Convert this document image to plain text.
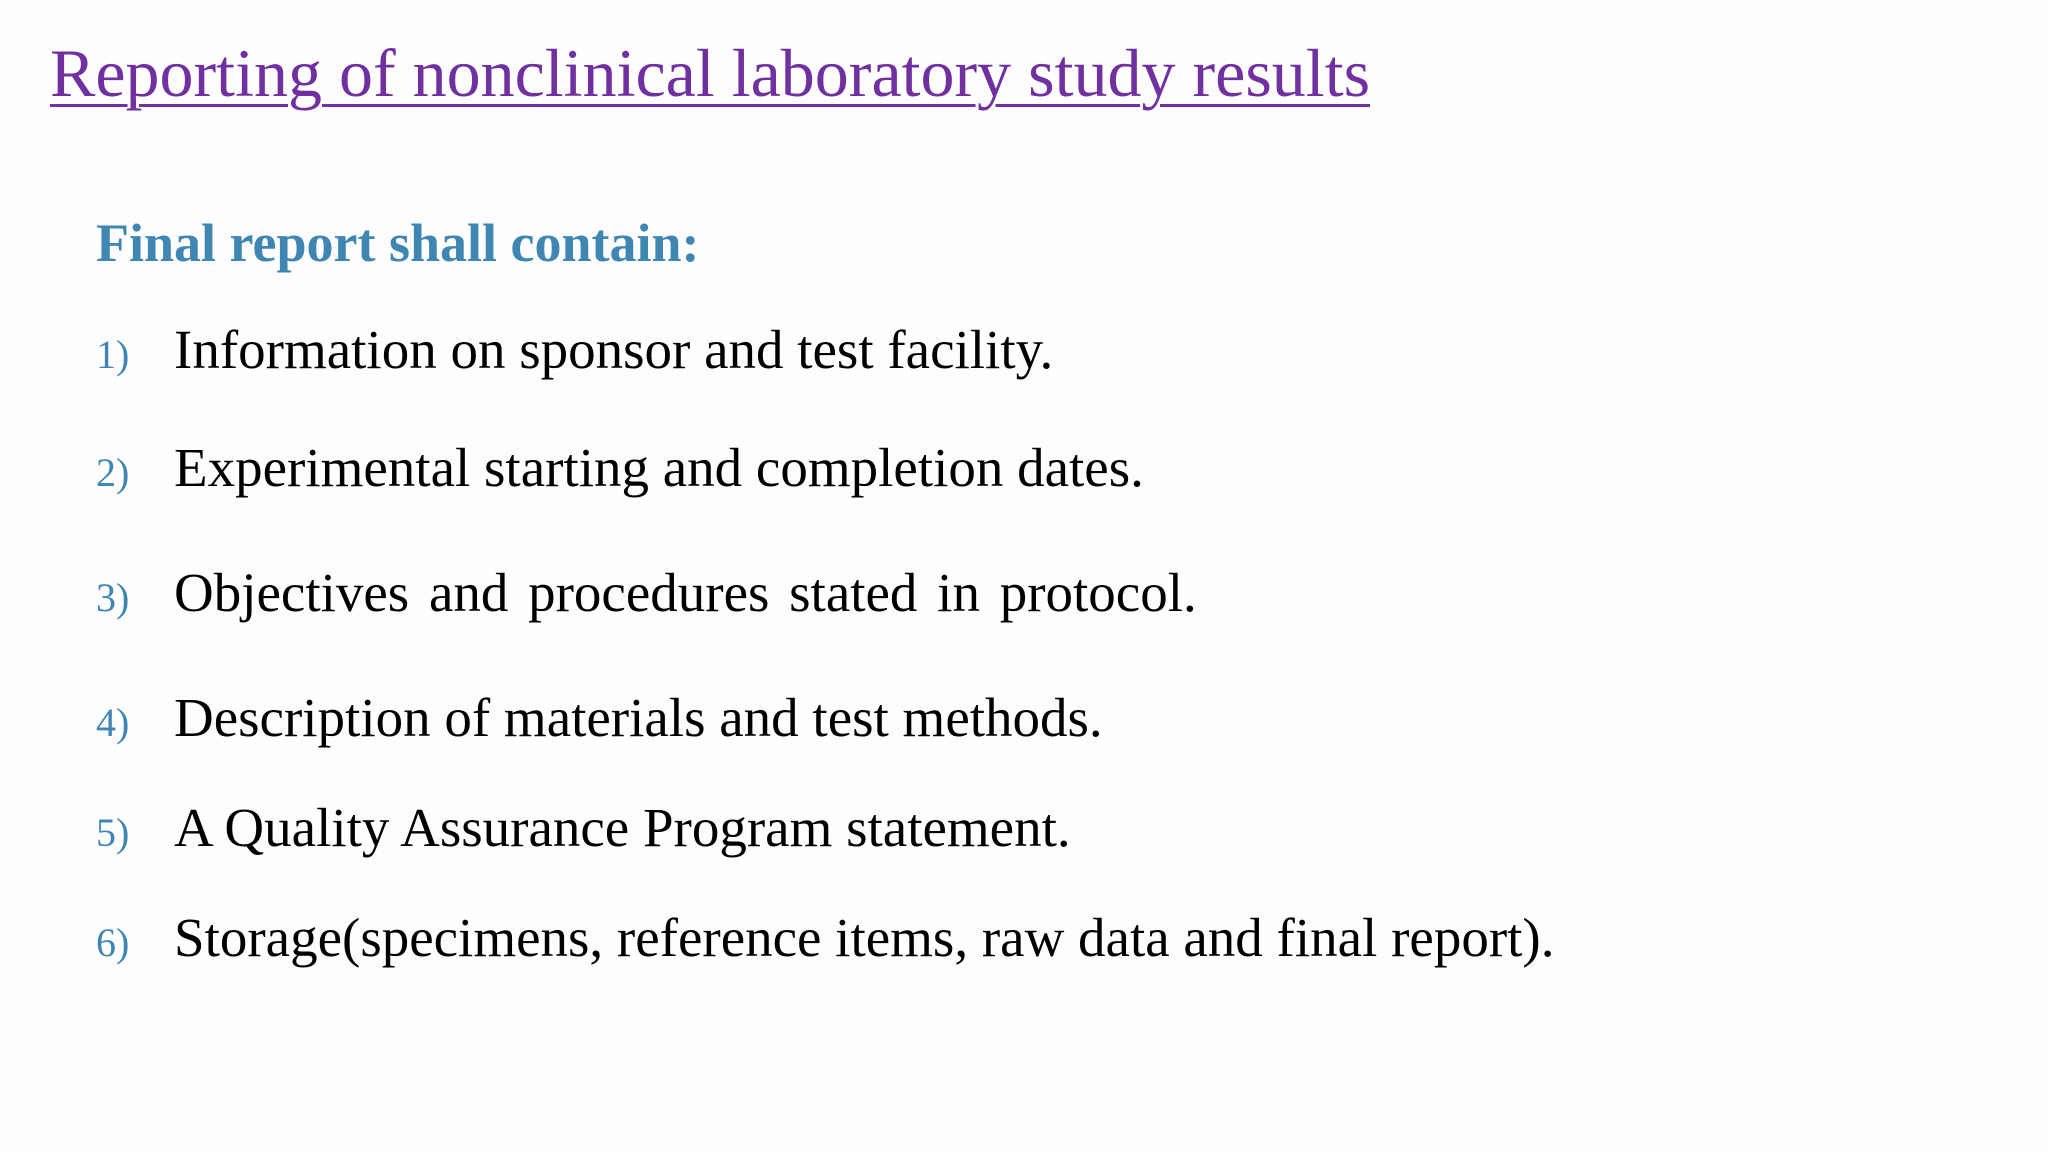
Reporting of nonclinical laboratory study results
Final report shall contain:
1) Information on sponsor and test facility.
2) Experimental starting and completion dates.
3) Objectives and procedures stated in protocol.
4) Description of materials and test methods.
5) A Quality Assurance Program statement.
6) Storage(specimens, reference items, raw data and final report).
